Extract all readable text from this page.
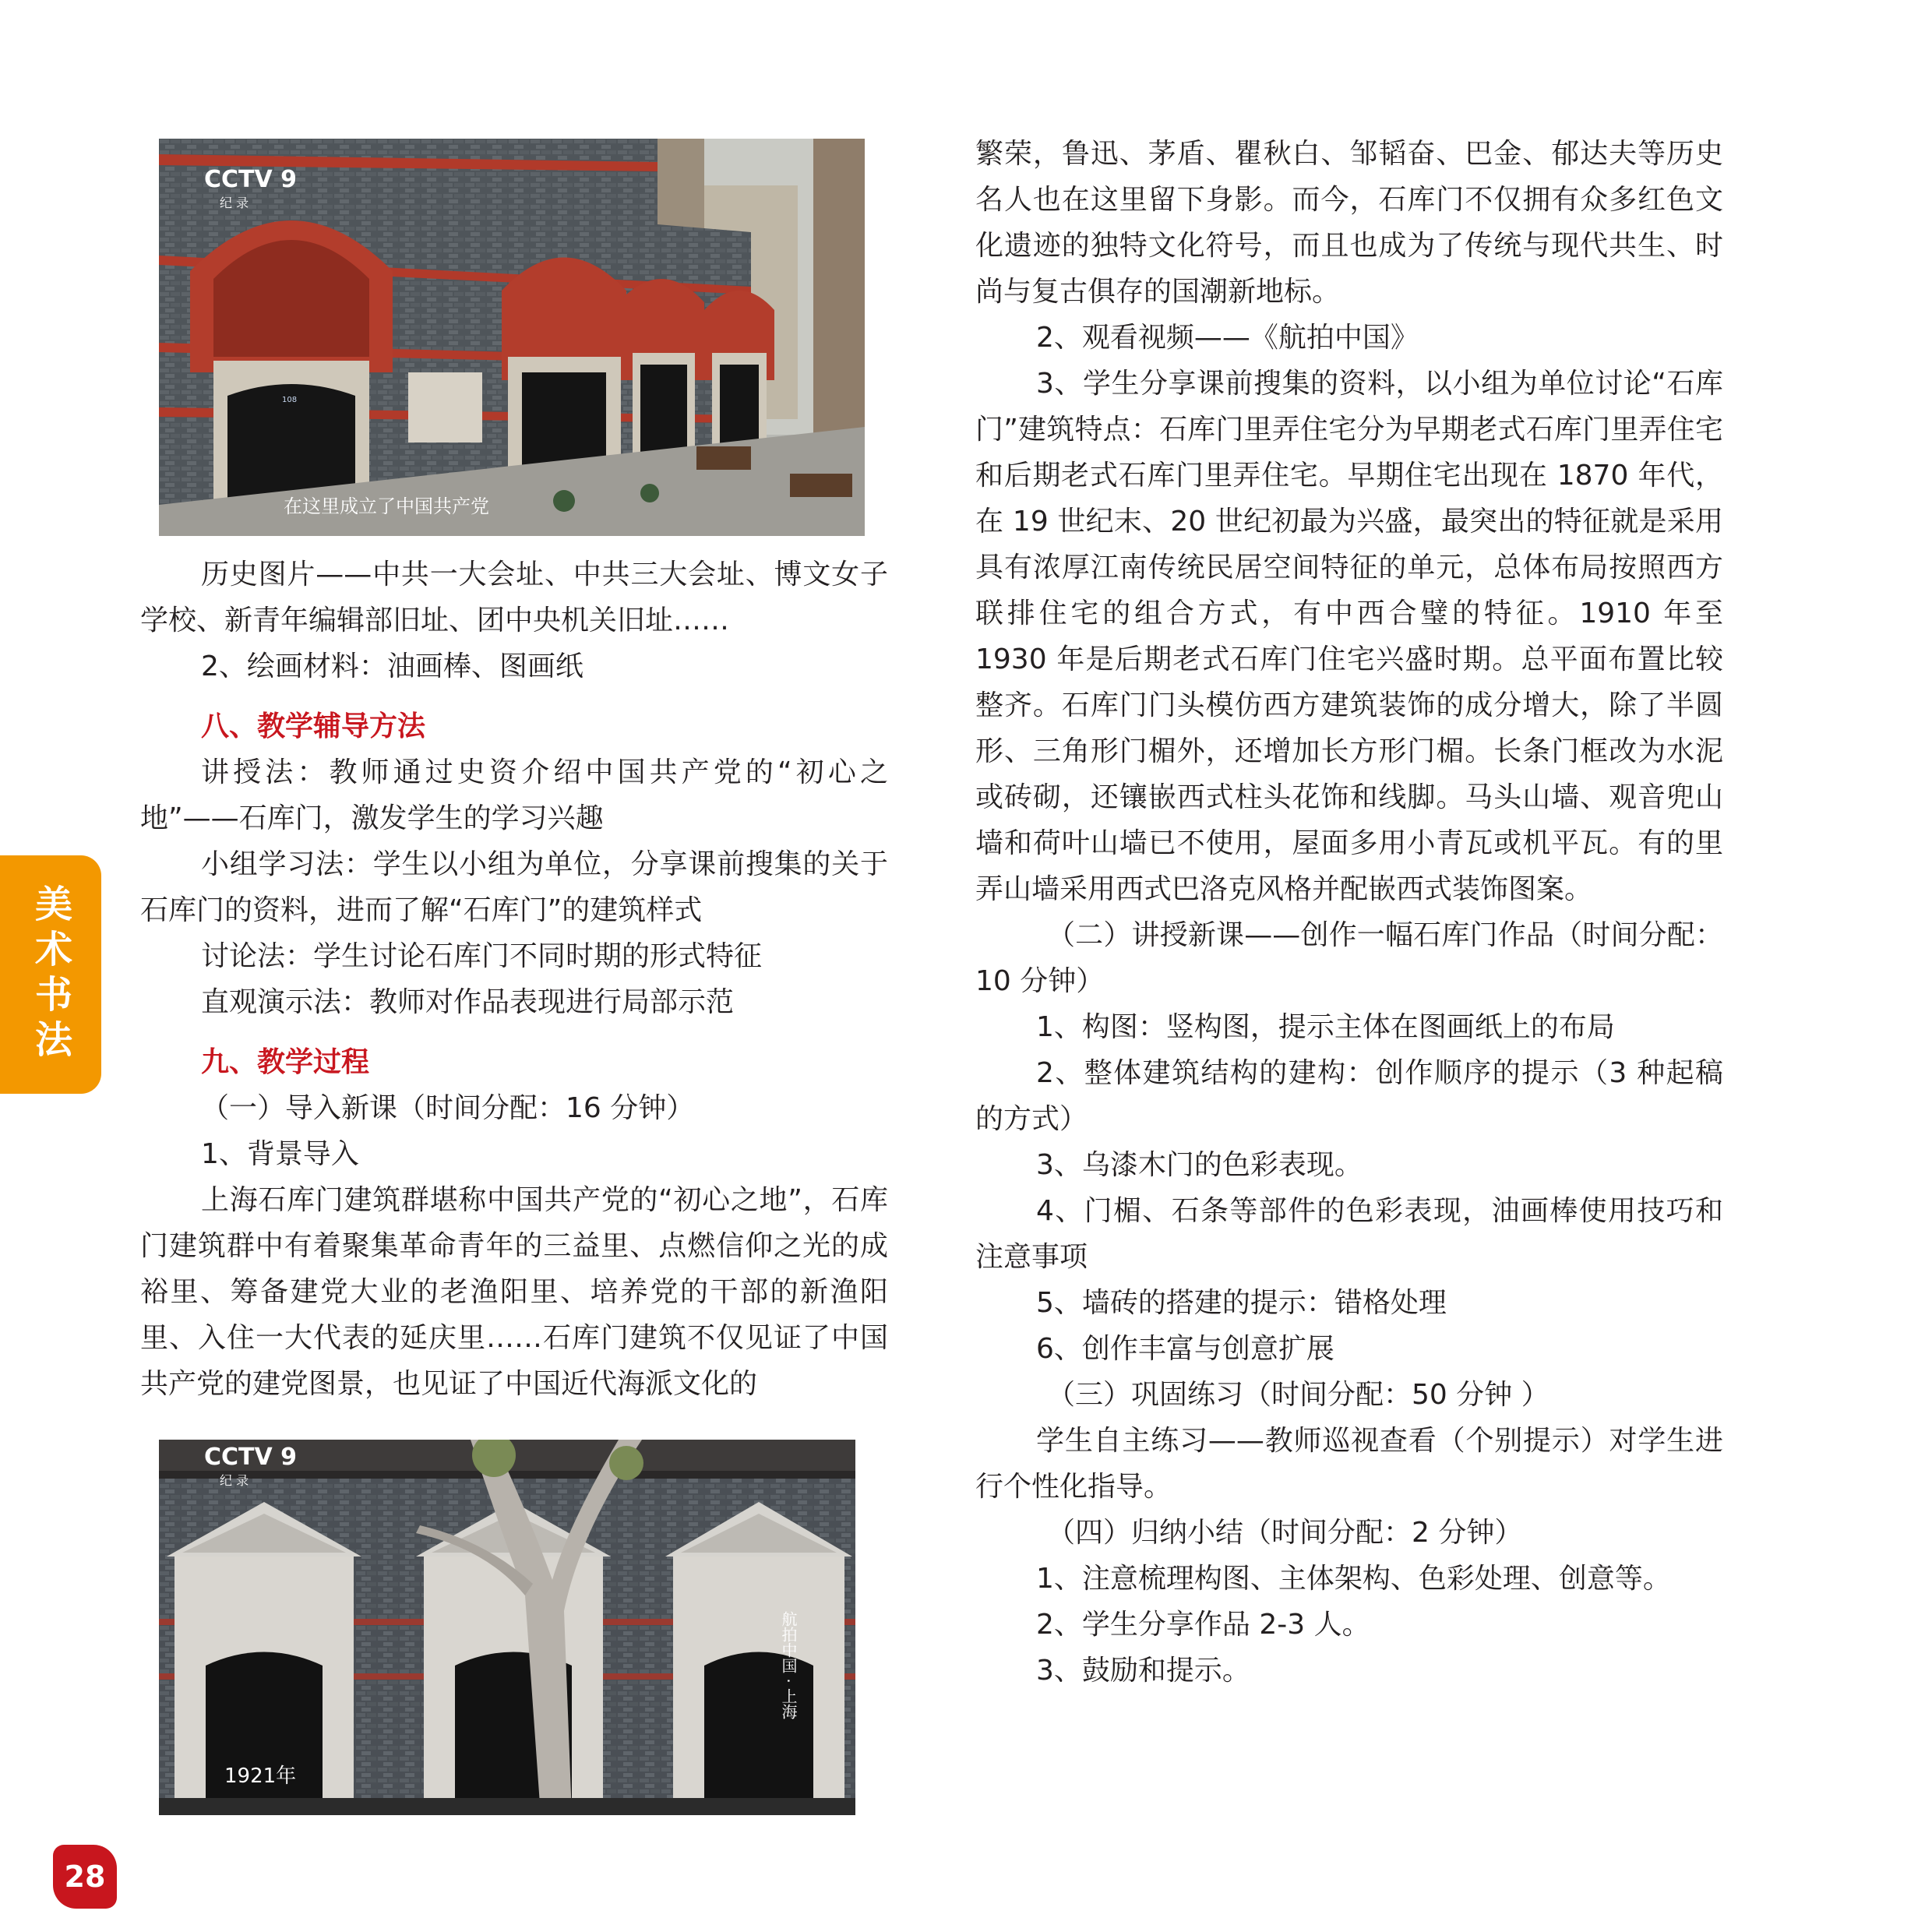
CCTV 9
纪 录
在这里成立了中国共产党
108
CCTV 9
纪 录
1921年
航拍中国 · 上海

历史图片——中共一大会址、中共三大会址、博文女子学校、新青年编辑部旧址、团中央机关旧址……

2、绘画材料：油画棒、图画纸

八、教学辅导方法

讲授法：教师通过史资介绍中国共产党的“初心之地”——石库门，激发学生的学习兴趣

小组学习法：学生以小组为单位，分享课前搜集的关于石库门的资料，进而了解“石库门”的建筑样式

讨论法：学生讨论石库门不同时期的形式特征

直观演示法：教师对作品表现进行局部示范

九、教学过程

（一）导入新课（时间分配：16 分钟）

1、背景导入

上海石库门建筑群堪称中国共产党的“初心之地”，石库门建筑群中有着聚集革命青年的三益里、点燃信仰之光的成裕里、筹备建党大业的老渔阳里、培养党的干部的新渔阳里、入住一大代表的延庆里……石库门建筑不仅见证了中国共产党的建党图景，也见证了中国近代海派文化的

繁荣，鲁迅、茅盾、瞿秋白、邹韬奋、巴金、郁达夫等历史名人也在这里留下身影。而今，石库门不仅拥有众多红色文化遗迹的独特文化符号，而且也成为了传统与现代共生、时尚与复古俱存的国潮新地标。

2、观看视频——《航拍中国》

3、学生分享课前搜集的资料，以小组为单位讨论“石库门”建筑特点：石库门里弄住宅分为早期老式石库门里弄住宅和后期老式石库门里弄住宅。早期住宅出现在 1870 年代，在 19 世纪末、20 世纪初最为兴盛，最突出的特征就是采用具有浓厚江南传统民居空间特征的单元，总体布局按照西方联排住宅的组合方式，有中西合璧的特征。1910 年至 1930 年是后期老式石库门住宅兴盛时期。总平面布置比较整齐。石库门门头模仿西方建筑装饰的成分增大，除了半圆形、三角形门楣外，还增加长方形门楣。长条门框改为水泥或砖砌，还镶嵌西式柱头花饰和线脚。马头山墙、观音兜山墙和荷叶山墙已不使用，屋面多用小青瓦或机平瓦。有的里弄山墙采用西式巴洛克风格并配嵌西式装饰图案。

（二）讲授新课——创作一幅石库门作品（时间分配：10 分钟）

1、构图：竖构图，提示主体在图画纸上的布局

2、整体建筑结构的建构：创作顺序的提示（3 种起稿的方式）

3、乌漆木门的色彩表现。

4、门楣、石条等部件的色彩表现，油画棒使用技巧和注意事项

5、墙砖的搭建的提示：错格处理

6、创作丰富与创意扩展

（三）巩固练习（时间分配：50 分钟 ）

学生自主练习——教师巡视查看（个别提示）对学生进行个性化指导。

（四）归纳小结（时间分配：2 分钟）

1、注意梳理构图、主体架构、色彩处理、创意等。

2、学生分享作品 2-3 人。

3、鼓励和提示。

美术书法
28
